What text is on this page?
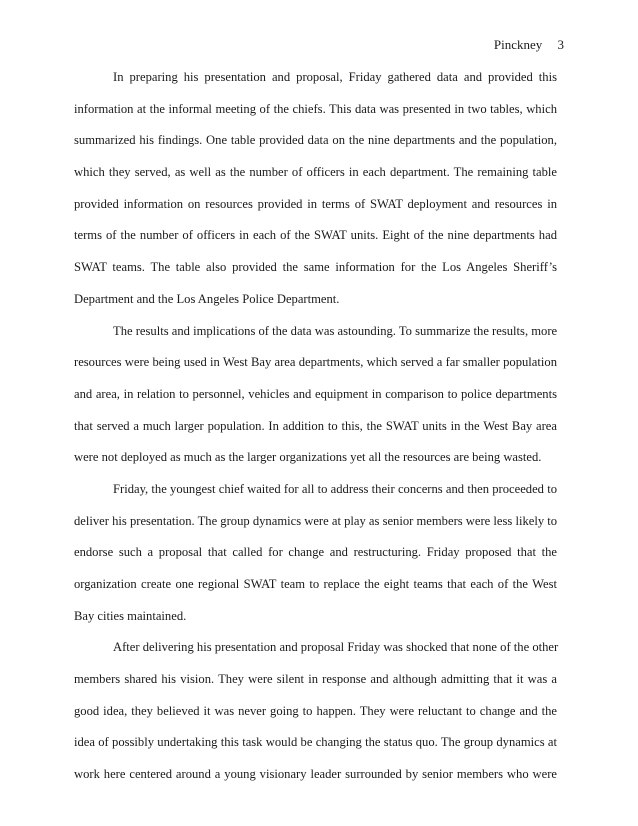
Pinckney 3
In preparing his presentation and proposal, Friday gathered data and provided this
information at the informal meeting of the chiefs. This data was presented in two tables, which
summarized his findings. One table provided data on the nine departments and the population,
which they served, as well as the number of officers in each department. The remaining table
provided information on resources provided in terms of SWAT deployment and resources in
terms of the number of officers in each of the SWAT units. Eight of the nine departments had
SWAT teams. The table also provided the same information for the Los Angeles Sheriff’s
Department and the Los Angeles Police Department.
The results and implications of the data was astounding. To summarize the results, more
resources were being used in West Bay area departments, which served a far smaller population
and area, in relation to personnel, vehicles and equipment in comparison to police departments
that served a much larger population. In addition to this, the SWAT units in the West Bay area
were not deployed as much as the larger organizations yet all the resources are being wasted.
Friday, the youngest chief waited for all to address their concerns and then proceeded to
deliver his presentation. The group dynamics were at play as senior members were less likely to
endorse such a proposal that called for change and restructuring. Friday proposed that the
organization create one regional SWAT team to replace the eight teams that each of the West
Bay cities maintained.
After delivering his presentation and proposal Friday was shocked that none of the other
members shared his vision. They were silent in response and although admitting that it was a
good idea, they believed it was never going to happen. They were reluctant to change and the
idea of possibly undertaking this task would be changing the status quo. The group dynamics at
work here centered around a young visionary leader surrounded by senior members who were
